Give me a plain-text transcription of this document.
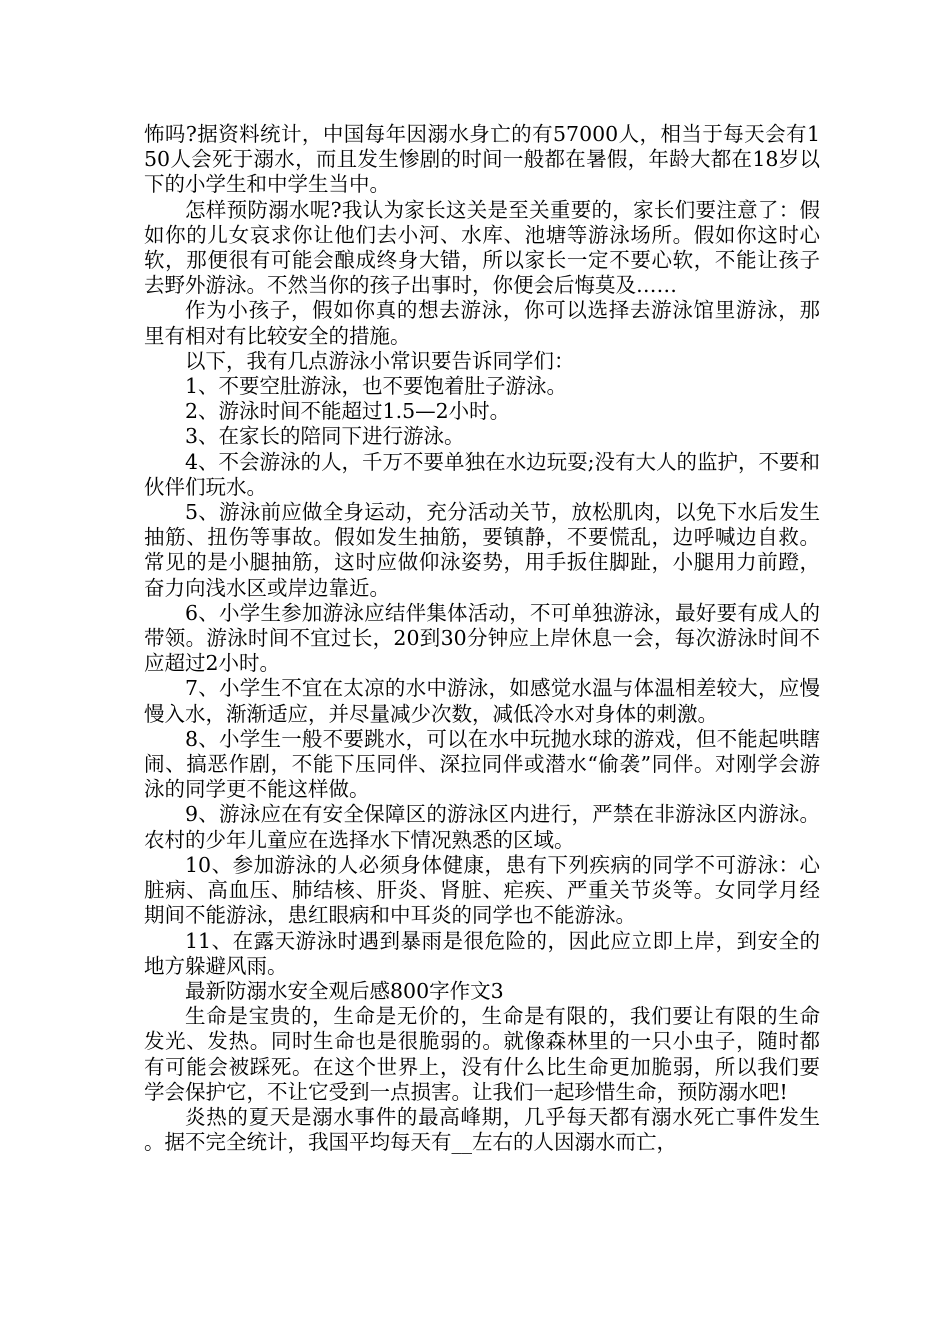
怖吗?据资料统计，中国每年因溺水身亡的有57000人，相当于每天会有150人会死于溺水，而且发生惨剧的时间一般都在暑假，年龄大都在18岁以下的小学生和中学生当中。

怎样预防溺水呢?我认为家长这关是至关重要的，家长们要注意了：假如你的儿女哀求你让他们去小河、水库、池塘等游泳场所。假如你这时心软，那便很有可能会酿成终身大错，所以家长一定不要心软，不能让孩子去野外游泳。不然当你的孩子出事时，你便会后悔莫及……

作为小孩子，假如你真的想去游泳，你可以选择去游泳馆里游泳，那里有相对有比较安全的措施。

以下，我有几点游泳小常识要告诉同学们：

1、不要空肚游泳，也不要饱着肚子游泳。

2、游泳时间不能超过1.5—2小时。

3、在家长的陪同下进行游泳。

4、不会游泳的人，千万不要单独在水边玩耍;没有大人的监护，不要和伙伴们玩水。

5、游泳前应做全身运动，充分活动关节，放松肌肉，以免下水后发生抽筋、扭伤等事故。假如发生抽筋，要镇静，不要慌乱，边呼喊边自救。常见的是小腿抽筋，这时应做仰泳姿势，用手扳住脚趾，小腿用力前蹬，奋力向浅水区或岸边靠近。

6、小学生参加游泳应结伴集体活动，不可单独游泳，最好要有成人的带领。游泳时间不宜过长，20到30分钟应上岸休息一会，每次游泳时间不应超过2小时。

7、小学生不宜在太凉的水中游泳，如感觉水温与体温相差较大，应慢慢入水，渐渐适应，并尽量减少次数，减低冷水对身体的刺激。

8、小学生一般不要跳水，可以在水中玩抛水球的游戏，但不能起哄瞎闹、搞恶作剧，不能下压同伴、深拉同伴或潜水“偷袭”同伴。对刚学会游泳的同学更不能这样做。

9、游泳应在有安全保障区的游泳区内进行，严禁在非游泳区内游泳。农村的少年儿童应在选择水下情况熟悉的区域。

10、参加游泳的人必须身体健康，患有下列疾病的同学不可游泳：心脏病、高血压、肺结核、肝炎、肾脏、疟疾、严重关节炎等。女同学月经期间不能游泳，患红眼病和中耳炎的同学也不能游泳。

11、在露天游泳时遇到暴雨是很危险的，因此应立即上岸，到安全的地方躲避风雨。

最新防溺水安全观后感800字作文3

生命是宝贵的，生命是无价的，生命是有限的，我们要让有限的生命发光、发热。同时生命也是很脆弱的。就像森林里的一只小虫子，随时都有可能会被踩死。在这个世界上，没有什么比生命更加脆弱，所以我们要学会保护它，不让它受到一点损害。让我们一起珍惜生命，预防溺水吧!

炎热的夏天是溺水事件的最高峰期，几乎每天都有溺水死亡事件发生。据不完全统计，我国平均每天有__左右的人因溺水而亡，
